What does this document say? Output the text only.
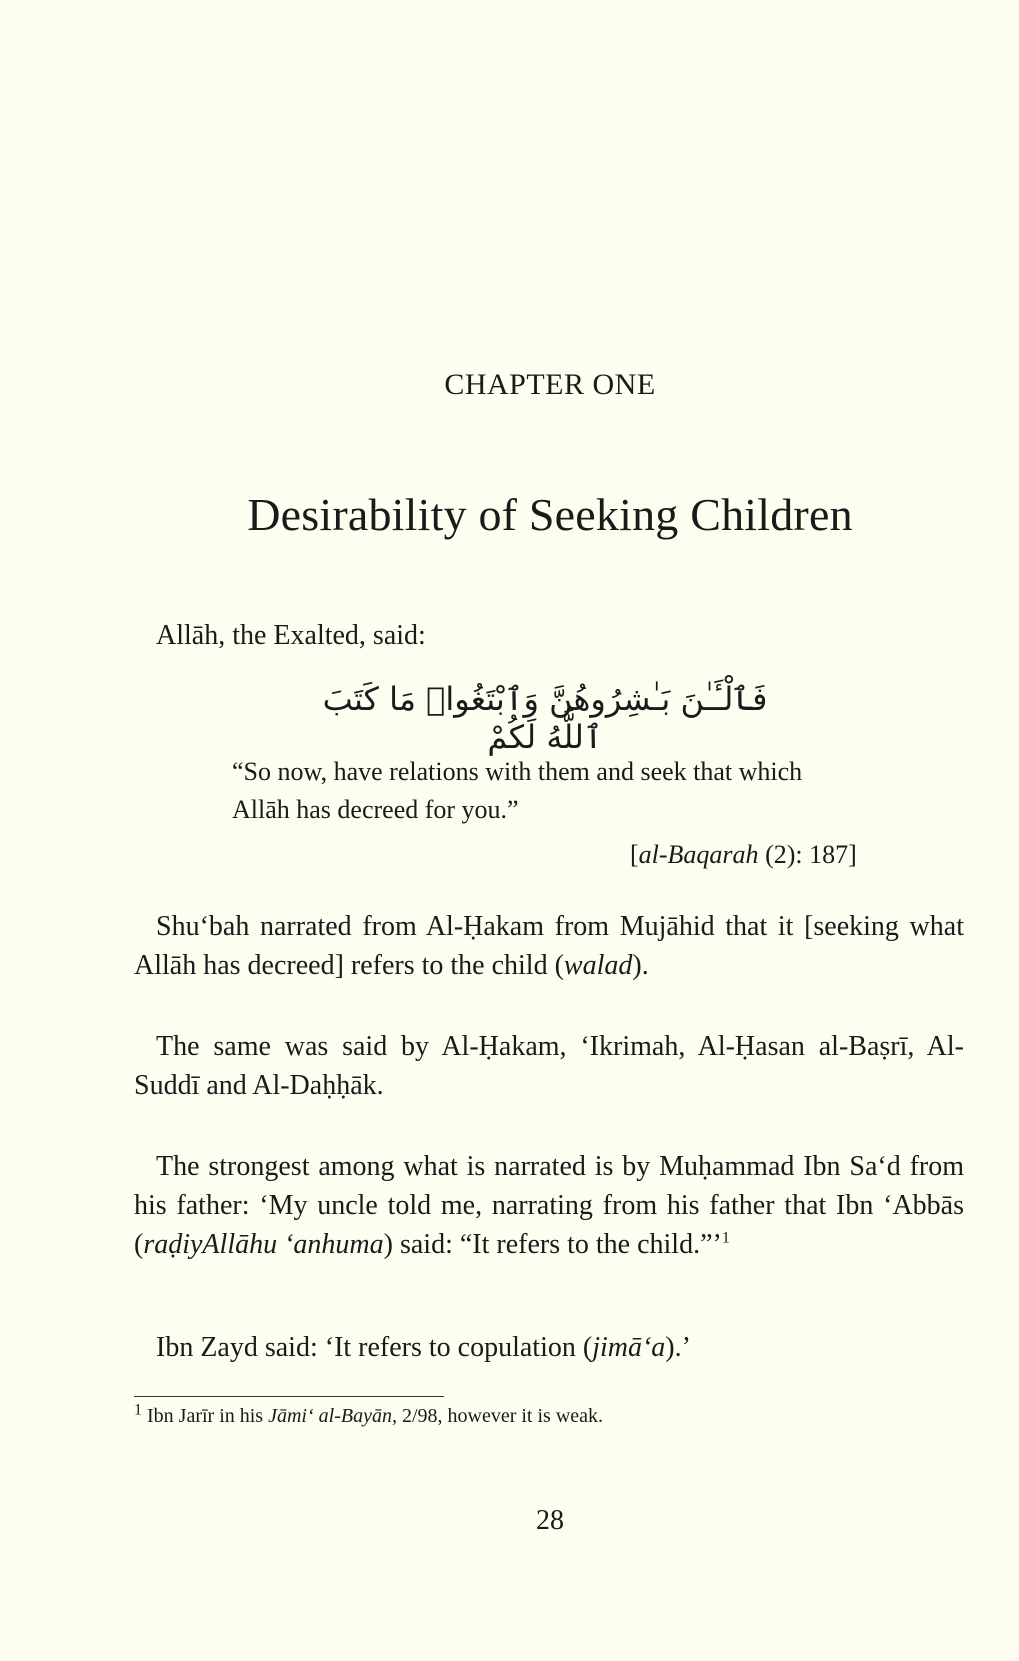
CHAPTER ONE
Desirability of Seeking Children
Allāh, the Exalted, said:
فَٱلْـَٔـٰنَ بَـٰشِرُوهُنَّ وَٱبْتَغُوا۟ مَا كَتَبَ ٱللَّهُ لَكُمْ
“So now, have relations with them and seek that which
Allāh has decreed for you.”
[al-Baqarah (2): 187]
Shu‘bah narrated from Al-Ḥakam from Mujāhid that it [seeking what Allāh has decreed] refers to the child (walad).
The same was said by Al-Ḥakam, ‘Ikrimah, Al-Ḥasan al-Baṣrī, Al-Suddī and Al-Daḥḥāk.
The strongest among what is narrated is by Muḥammad Ibn Sa‘d from his father: ‘My uncle told me, narrating from his father that Ibn ‘Abbās (raḍiyAllāhu ‘anhuma) said: “It refers to the child.”’$^1$
Ibn Zayd said: ‘It refers to copulation (jimā‘a).’
$^1$ Ibn Jarīr in his Jāmi‘ al-Bayān, 2/98, however it is weak.
28
